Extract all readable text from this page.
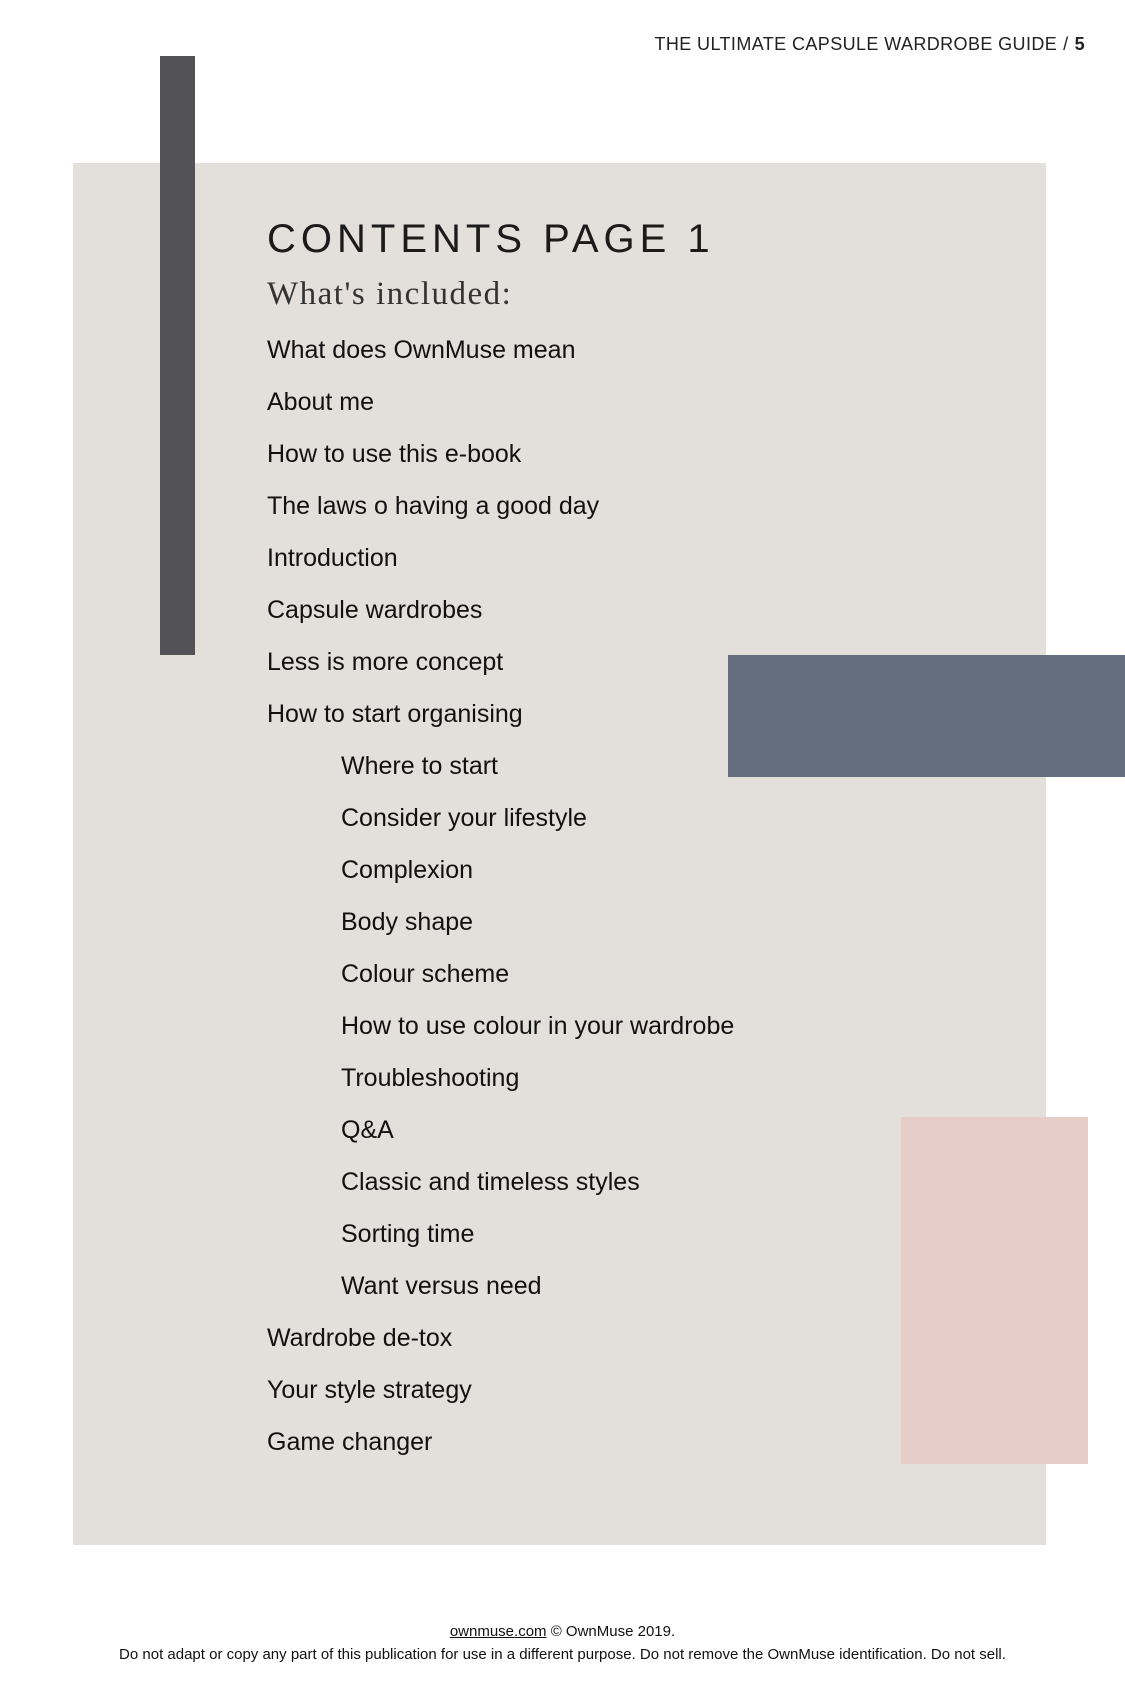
THE ULTIMATE CAPSULE WARDROBE GUIDE / 5
CONTENTS PAGE 1
What's included:
What does OwnMuse mean
About me
How to use this e-book
The laws o having a good day
Introduction
Capsule wardrobes
Less is more concept
How to start organising
Where to start
Consider your lifestyle
Complexion
Body shape
Colour scheme
How to use colour in your wardrobe
Troubleshooting
Q&A
Classic and timeless styles
Sorting time
Want versus need
Wardrobe de-tox
Your style strategy
Game changer
ownmuse.com © OwnMuse 2019.
Do not adapt or copy any part of this publication for use in a different purpose. Do not remove the OwnMuse identification. Do not sell.
